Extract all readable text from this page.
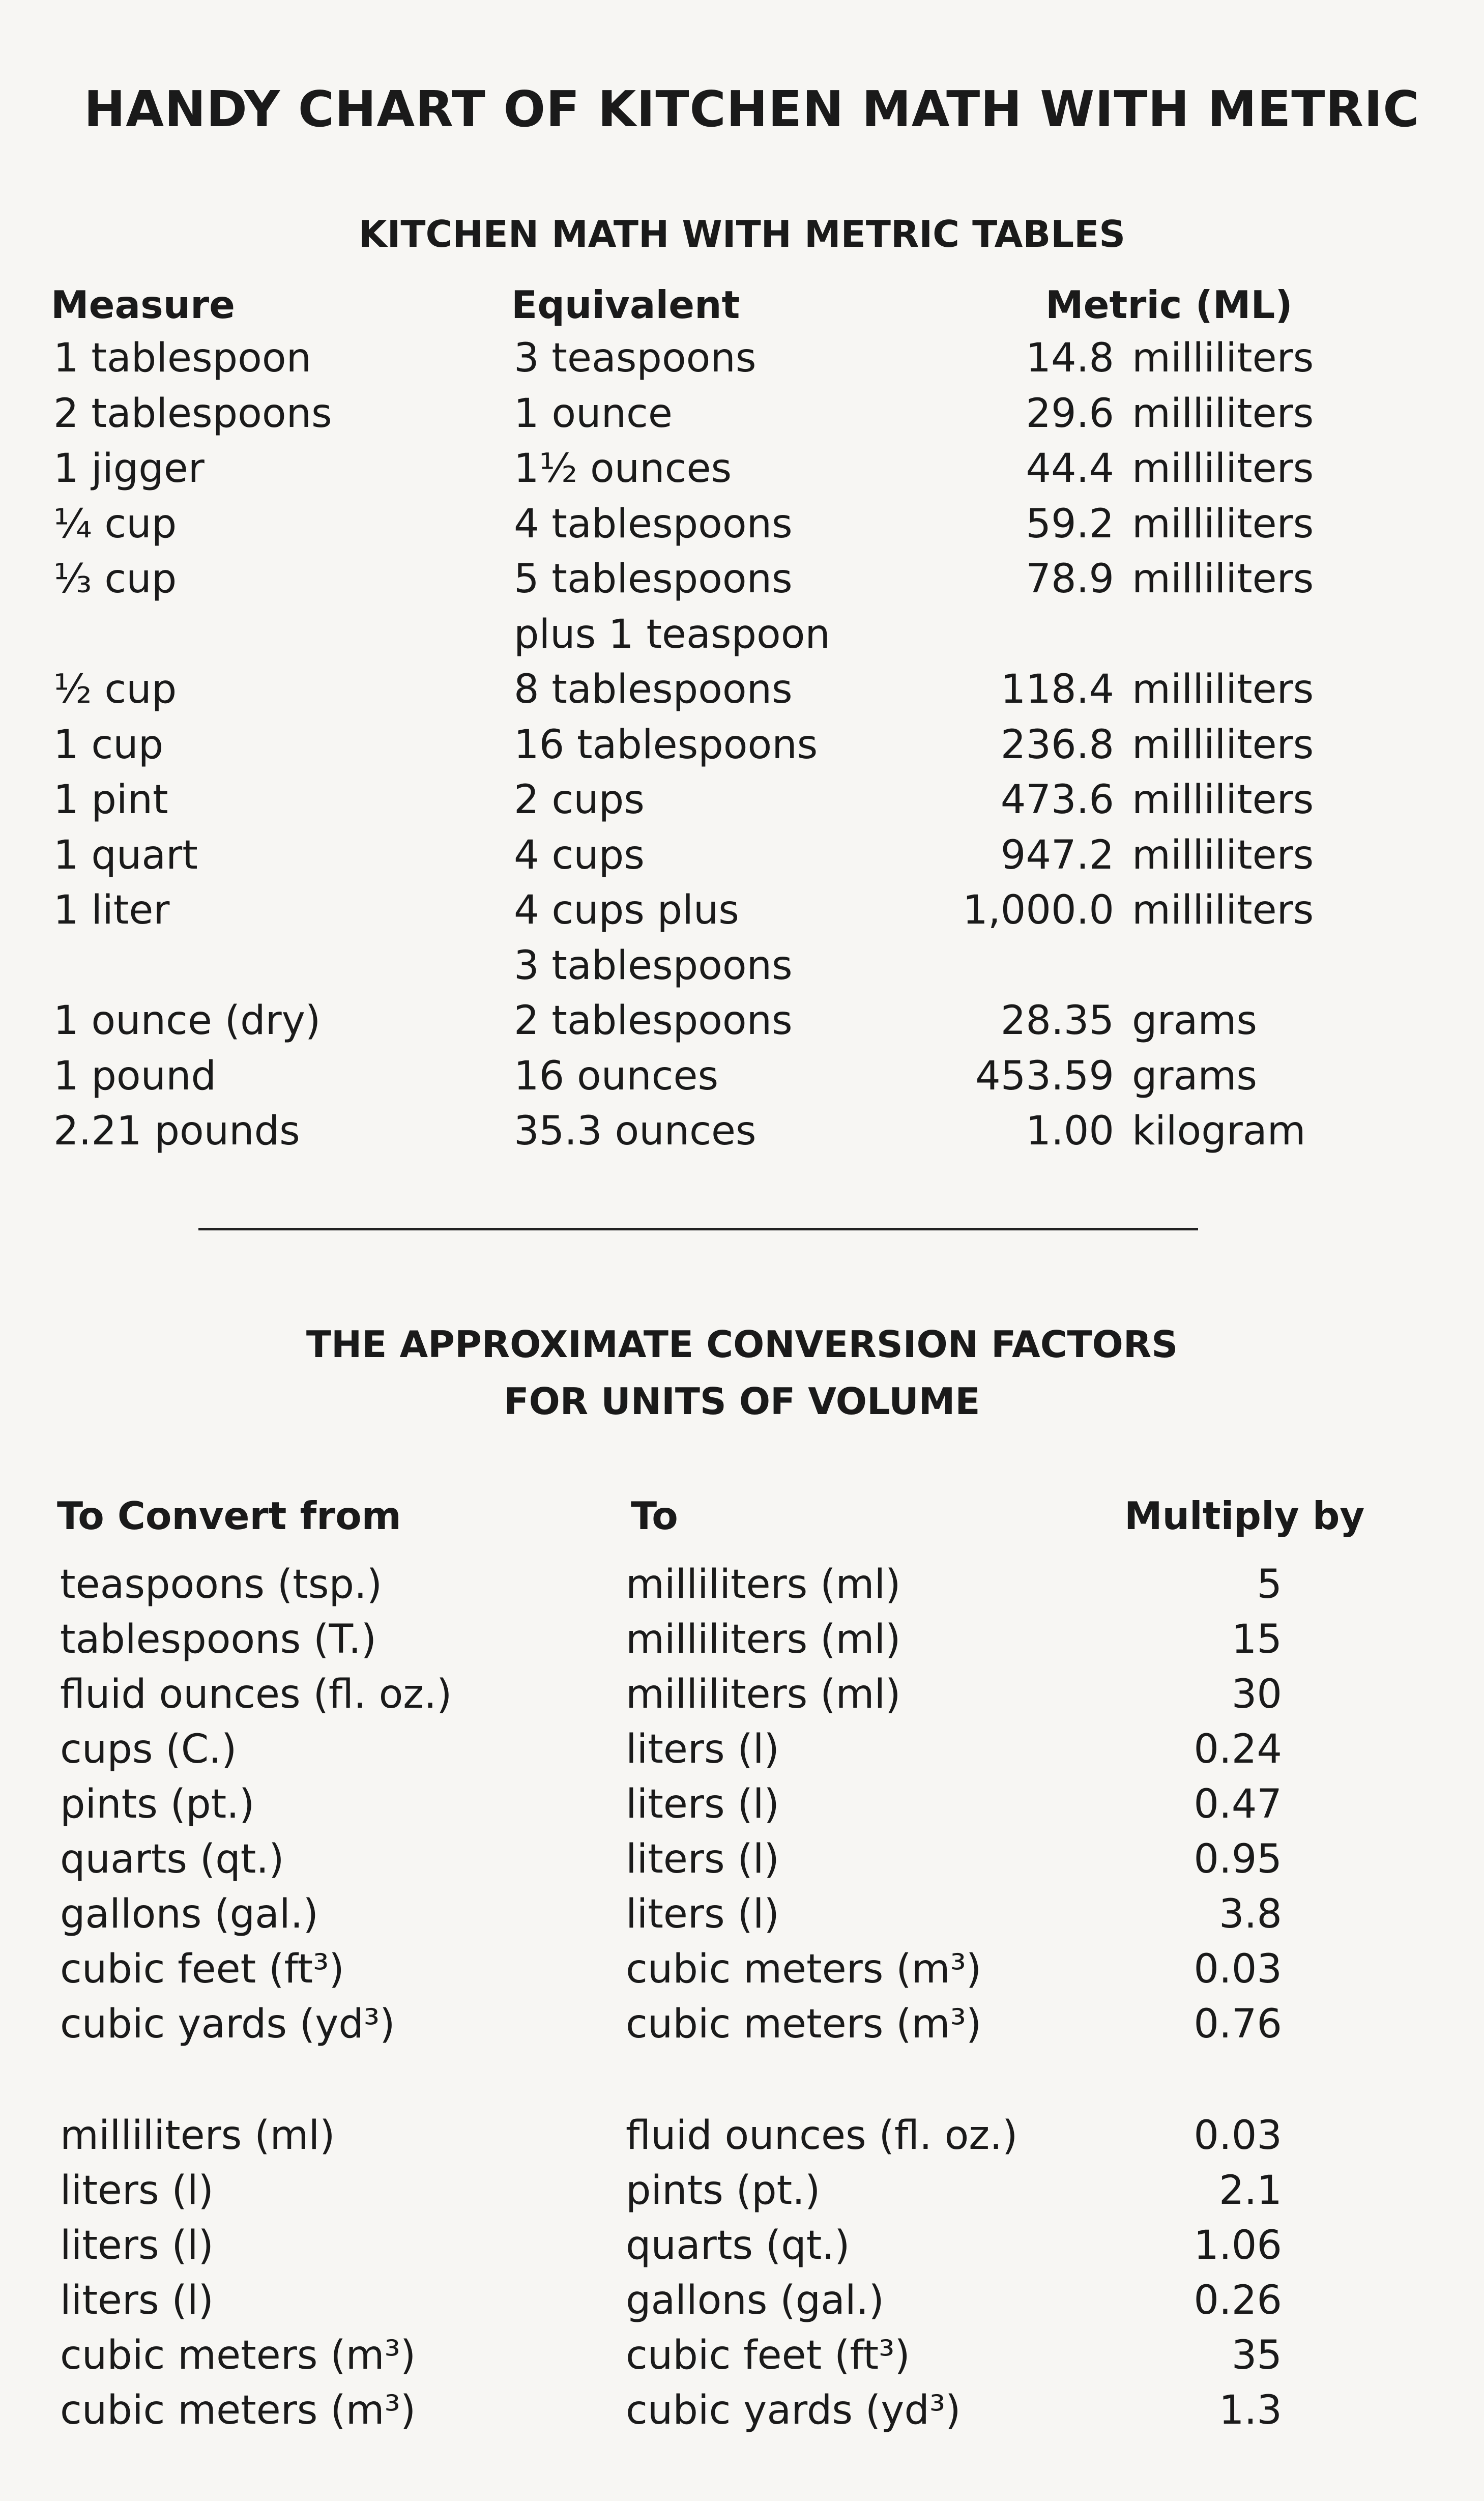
HANDY CHART OF KITCHEN MATH WITH METRIC
KITCHEN MATH WITH METRIC TABLES
Measure	Equivalent	Metric (ML)
1 tablespoon	3 teaspoons	14.8 milliliters
2 tablespoons	1 ounce	29.6 milliliters
1 jigger	1½ ounces	44.4 milliliters
¼ cup	4 tablespoons	59.2 milliliters
⅓ cup	5 tablespoons	78.9 milliliters
plus 1 teaspoon
½ cup	8 tablespoons	118.4 milliliters
1 cup	16 tablespoons	236.8 milliliters
1 pint	2 cups	473.6 milliliters
1 quart	4 cups	947.2 milliliters
1 liter	4 cups plus	1,000.0 milliliters
3 tablespoons
1 ounce (dry)	2 tablespoons	28.35 grams
1 pound	16 ounces	453.59 grams
2.21 pounds	35.3 ounces	1.00 kilogram
THE APPROXIMATE CONVERSION FACTORS
FOR UNITS OF VOLUME
To Convert from	To	Multiply by
teaspoons (tsp.)	milliliters (ml)	5
tablespoons (T.)	milliliters (ml)	15
fluid ounces (fl. oz.)	milliliters (ml)	30
cups (C.)	liters (l)	0.24
pints (pt.)	liters (l)	0.47
quarts (qt.)	liters (l)	0.95
gallons (gal.)	liters (l)	3.8
cubic feet (ft³)	cubic meters (m³)	0.03
cubic yards (yd³)	cubic meters (m³)	0.76
milliliters (ml)	fluid ounces (fl. oz.)	0.03
liters (l)	pints (pt.)	2.1
liters (l)	quarts (qt.)	1.06
liters (l)	gallons (gal.)	0.26
cubic meters (m³)	cubic feet (ft³)	35
cubic meters (m³)	cubic yards (yd³)	1.3
